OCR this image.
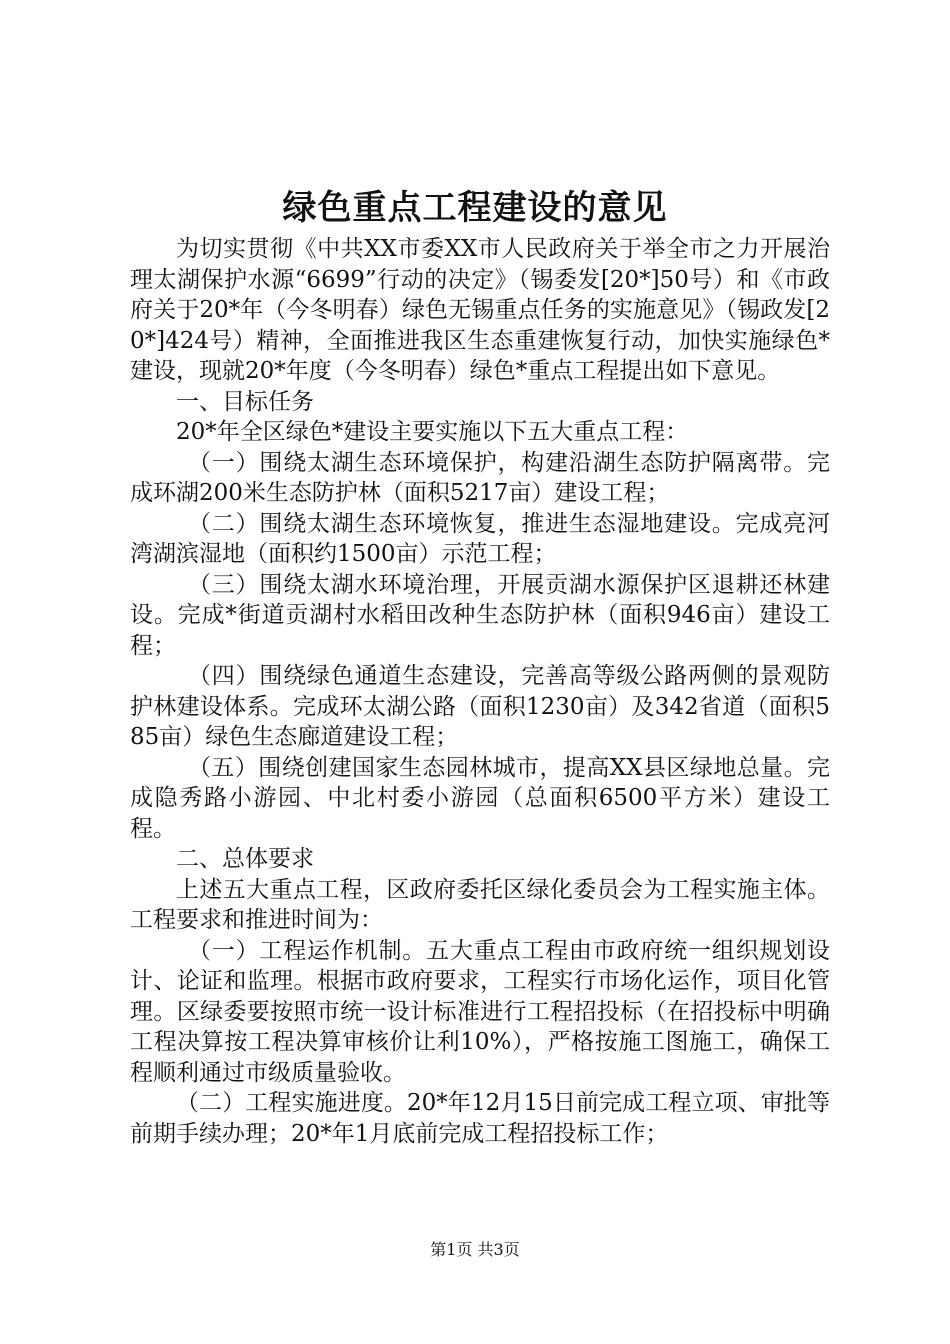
绿色重点工程建设的意见

为切实贯彻《中共XX市委XX市人民政府关于举全市之力开展治理太湖保护水源“6699”行动的决定》（锡委发[20*]50号）和《市政府关于20*年（今冬明春）绿色无锡重点任务的实施意见》（锡政发[20*]424号）精神，全面推进我区生态重建恢复行动，加快实施绿色*建设，现就20*年度（今冬明春）绿色*重点工程提出如下意见。

一、目标任务

20*年全区绿色*建设主要实施以下五大重点工程：

（一）围绕太湖生态环境保护，构建沿湖生态防护隔离带。完成环湖200米生态防护林（面积5217亩）建设工程；

（二）围绕太湖生态环境恢复，推进生态湿地建设。完成亮河湾湖滨湿地（面积约1500亩）示范工程；

（三）围绕太湖水环境治理，开展贡湖水源保护区退耕还林建设。完成*街道贡湖村水稻田改种生态防护林（面积946亩）建设工程；

（四）围绕绿色通道生态建设，完善高等级公路两侧的景观防护林建设体系。完成环太湖公路（面积1230亩）及342省道（面积585亩）绿色生态廊道建设工程；

（五）围绕创建国家生态园林城市，提高XX县区绿地总量。完成隐秀路小游园、中北村委小游园（总面积6500平方米）建设工程。

二、总体要求

上述五大重点工程，区政府委托区绿化委员会为工程实施主体。工程要求和推进时间为：

（一）工程运作机制。五大重点工程由市政府统一组织规划设计、论证和监理。根据市政府要求，工程实行市场化运作，项目化管理。区绿委要按照市统一设计标准进行工程招投标（在招投标中明确工程决算按工程决算审核价让利10%），严格按施工图施工，确保工程顺利通过市级质量验收。

（二）工程实施进度。20*年12月15日前完成工程立项、审批等前期手续办理；20*年1月底前完成工程招投标工作；

第1页 共3页
